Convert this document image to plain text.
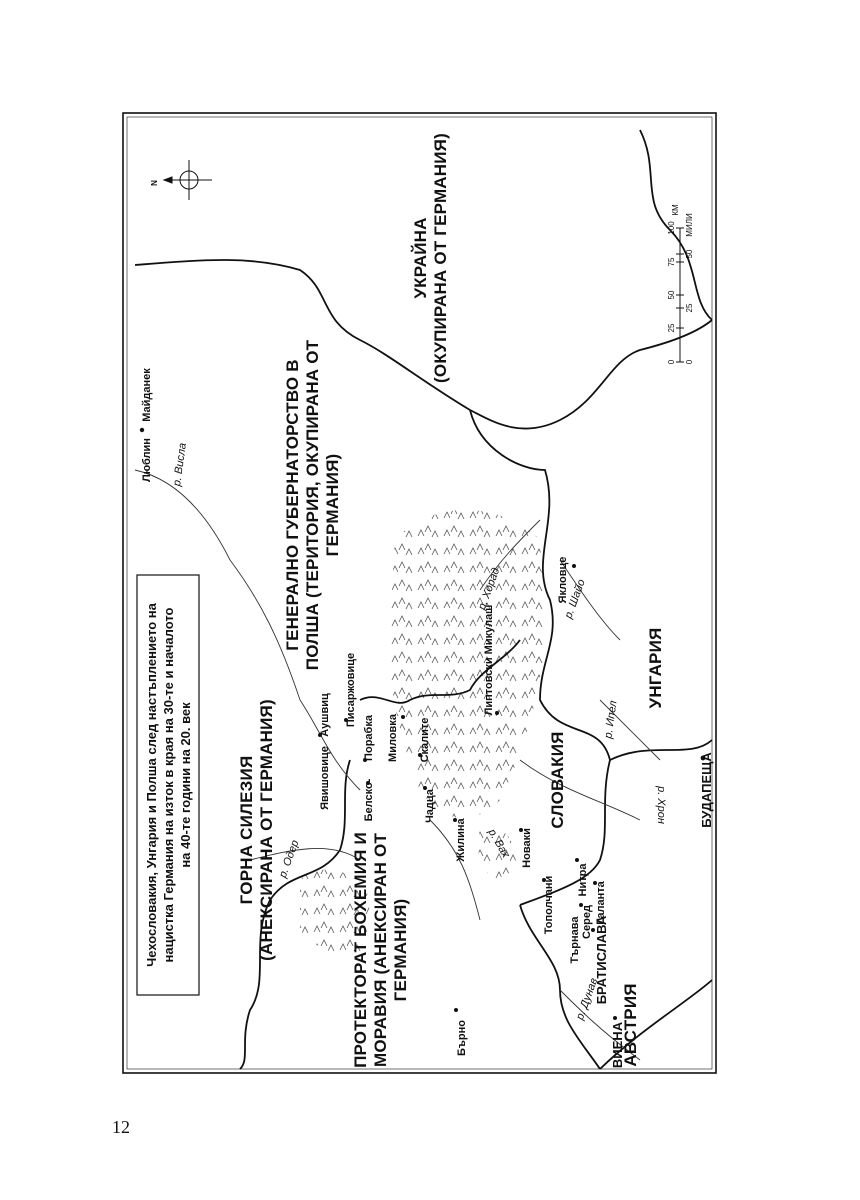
Чехословакия, Унгария и Полша след настъплението на нацистка Германия на изток в края на 30-те и началото на 40-те години на 20. век
ПРОТЕКТОРАТ БОХЕМИЯ И МОРАВИЯ (АНЕКСИРАН ОТ ГЕРМАНИЯ)
ГОРНА СИЛЕЗИЯ (АНЕКСИРАНА ОТ ГЕРМАНИЯ)
ГЕНЕРАЛНО ГУБЕРНАТОРСТВО В ПОЛША (ТЕРИТОРИЯ, ОКУПИРАНА ОТ ГЕРМАНИЯ)
УКРАЙНА (ОКУПИРАНА ОТ ГЕРМАНИЯ)
СЛОВАКИЯ
УНГАРИЯ
АВСТРИЯ
Люблин
Майданек
Аушвиц
Явишовице
Писаржовице
Порабка
Белско-
Миловка Скалите
Чадца
Жилина
Липтовски Микулаш
Якловце
Новаки
Нитра
Тополчани	Галанта
Серед
Търнава БРАТИСЛАВА
Бърно	ВИЕНА
БУДАПЕЩА
р. Висла
р. Одер
р. Хорад	р. Шайо
р. Ипел
р. Хрон
р. Вах
р. Дунав
N
0
25
50
75
100
КМ
0
25
50
МИЛИ
12
